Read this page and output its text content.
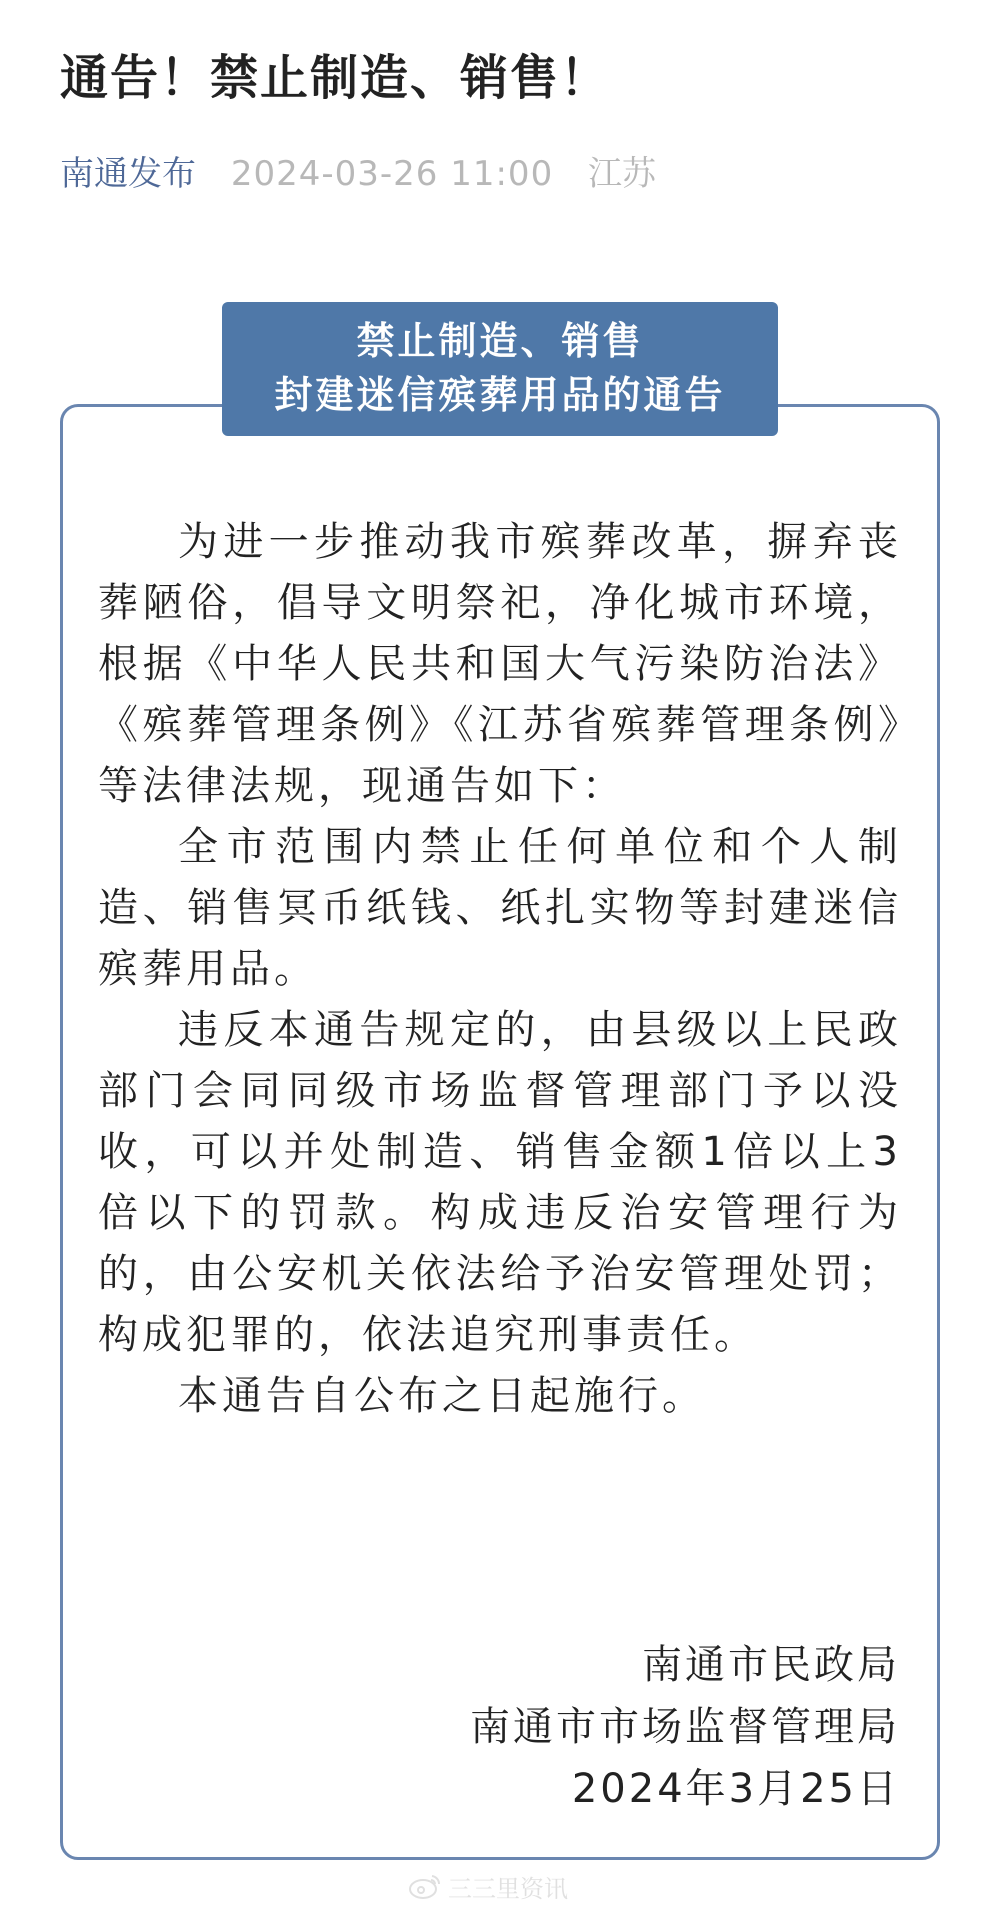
通告！禁止制造、销售！
南通发布 2024-03-26 11:00 江苏
禁止制造、销售
封建迷信殡葬用品的通告

为进一步推动我市殡葬改革，摒弃丧葬陋俗，倡导文明祭祀，净化城市环境，根据《中华人民共和国大气污染防治法》《殡葬管理条例》《江苏省殡葬管理条例》等法律法规，现通告如下：

全市范围内禁止任何单位和个人制造、销售冥币纸钱、纸扎实物等封建迷信殡葬用品。

违反本通告规定的，由县级以上民政部门会同同级市场监督管理部门予以没收，可以并处制造、销售金额1倍以上3倍以下的罚款。构成违反治安管理行为的，由公安机关依法给予治安管理处罚；构成犯罪的，依法追究刑事责任。

本通告自公布之日起施行。

南通市民政局
南通市市场监督管理局
2024年3月25日
三三里资讯
